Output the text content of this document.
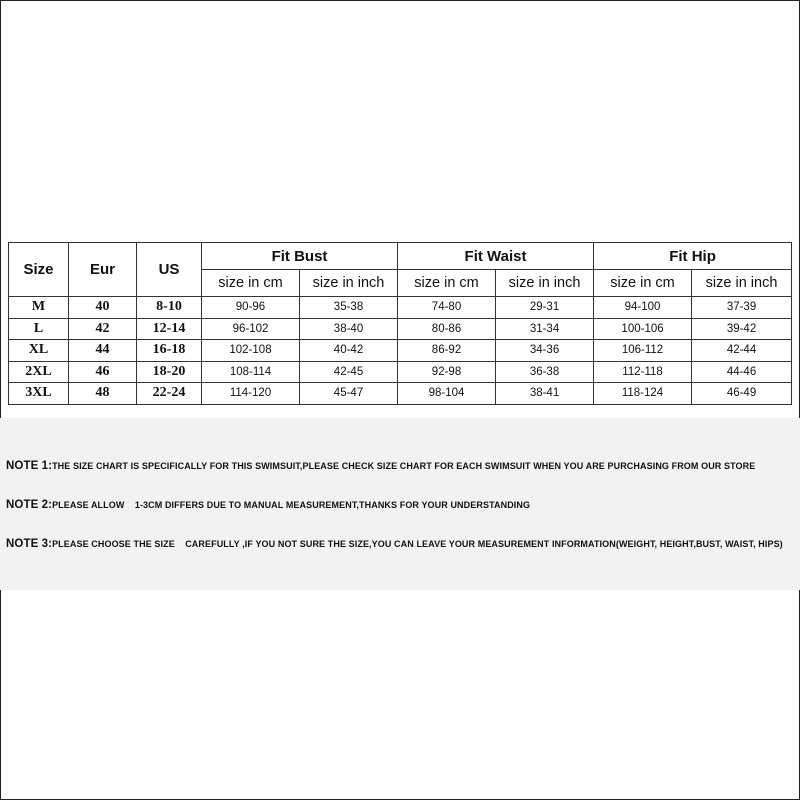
Size	Eur	US	Fit Bust		Fit Waist		Fit Hip	
			size in cm	size in inch	size in cm	size in inch	size in cm	size in inch
M	40	8-10	90-96	35-38	74-80	29-31	94-100	37-39
L	42	12-14	96-102	38-40	80-86	31-34	100-106	39-42
XL	44	16-18	102-108	40-42	86-92	34-36	106-112	42-44
2XL	46	18-20	108-114	42-45	92-98	36-38	112-118	44-46
3XL	48	22-24	114-120	45-47	98-104	38-41	118-124	46-49
NOTE 1:THE SIZE CHART IS SPECIFICALLY FOR THIS SWIMSUIT,PLEASE CHECK SIZE CHART FOR EACH SWIMSUIT WHEN YOU ARE PURCHASING FROM OUR STORE
NOTE 2:PLEASE ALLOW    1-3CM DIFFERS DUE TO MANUAL MEASUREMENT,THANKS FOR YOUR UNDERSTANDING
NOTE 3:PLEASE CHOOSE THE SIZE    CAREFULLY ,IF YOU NOT SURE THE SIZE,YOU CAN LEAVE YOUR MEASUREMENT INFORMATION(WEIGHT, HEIGHT,BUST, WAIST, HIPS)
